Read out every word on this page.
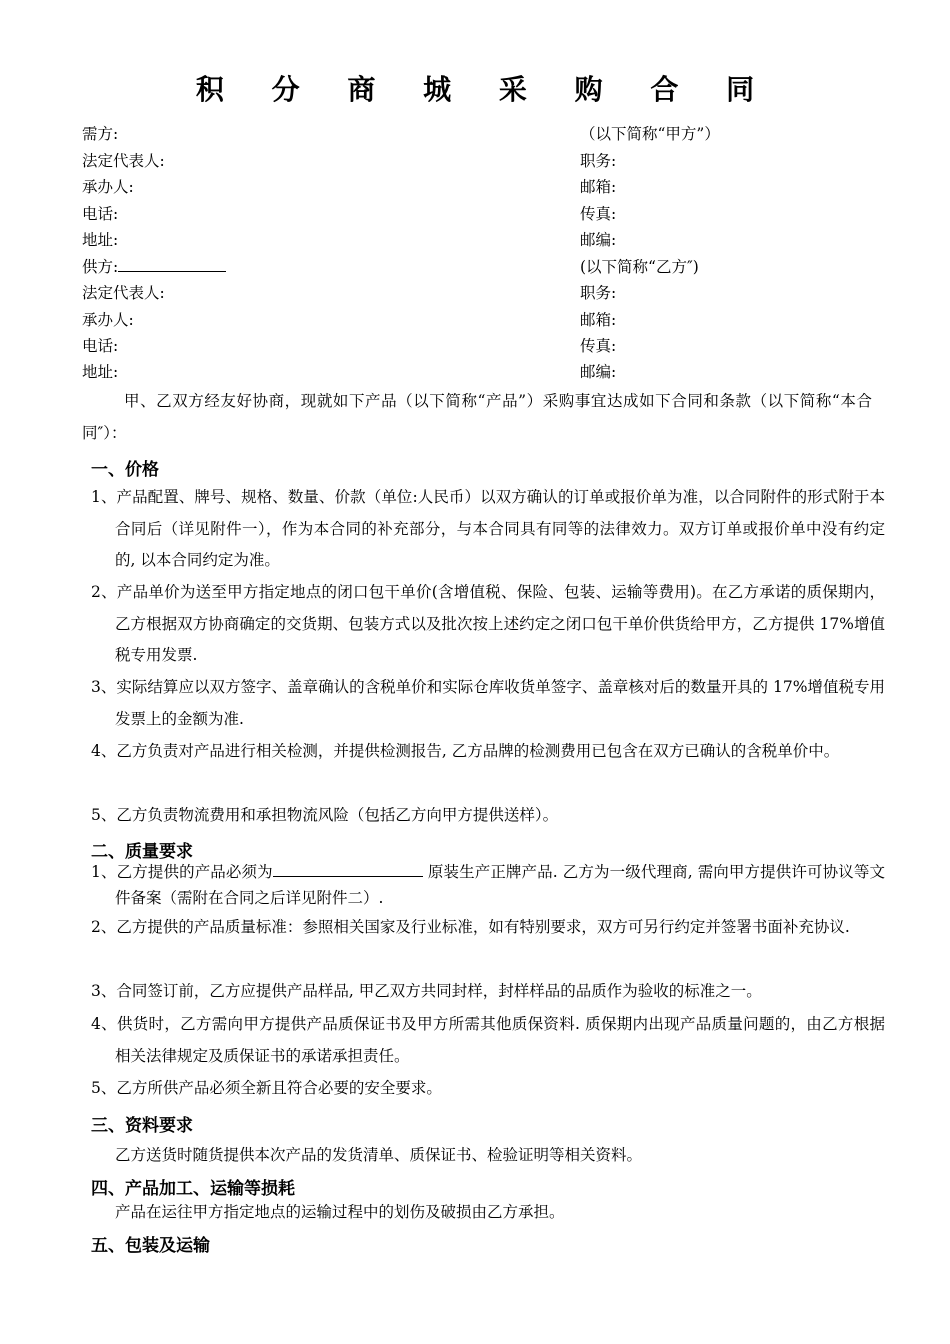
积 分 商 城 采 购 合 同
需方:	（以下简称“甲方”）
法定代表人:	职务:
承办人:	邮箱:
电话:	传真:
地址:	邮编:
供方:	(以下简称“乙方″)
法定代表人:	职务:
承办人:	邮箱:
电话:	传真:
地址:	邮编:

甲、乙双方经友好协商，现就如下产品（以下简称“产品”）采购事宜达成如下合同和条款（以下简称“本合同″）：

一、价格

1、产品配置、牌号、规格、数量、价款（单位:人民币）以双方确认的订单或报价单为准，以合同附件的形式附于本合同后（详见附件一），作为本合同的补充部分，与本合同具有同等的法律效力。双方订单或报价单中没有约定的, 以本合同约定为准。

2、产品单价为送至甲方指定地点的闭口包干单价(含增值税、保险、包装、运输等费用)。在乙方承诺的质保期内，乙方根据双方协商确定的交货期、包装方式以及批次按上述约定之闭口包干单价供货给甲方，乙方提供 17%增值税专用发票.

3、实际结算应以双方签字、盖章确认的含税单价和实际仓库收货单签字、盖章核对后的数量开具的 17%增值税专用发票上的金额为准.

4、乙方负责对产品进行相关检测，并提供检测报告, 乙方品牌的检测费用已包含在双方已确认的含税单价中。

5、乙方负责物流费用和承担物流风险（包括乙方向甲方提供送样）。

二、质量要求

1、乙方提供的产品必须为	原装生产正牌产品. 乙方为一级代理商, 需向甲方提供许可协议等文件备案（需附在合同之后详见附件二）.

2、乙方提供的产品质量标准：参照相关国家及行业标准，如有特别要求，双方可另行约定并签署书面补充协议.

3、合同签订前，乙方应提供产品样品, 甲乙双方共同封样，封样样品的品质作为验收的标准之一。

4、供货时，乙方需向甲方提供产品质保证书及甲方所需其他质保资料. 质保期内出现产品质量问题的，由乙方根据相关法律规定及质保证书的承诺承担责任。

5、乙方所供产品必须全新且符合必要的安全要求。

三、资料要求

乙方送货时随货提供本次产品的发货清单、质保证书、检验证明等相关资料。

四、产品加工、运输等损耗

产品在运往甲方指定地点的运输过程中的划伤及破损由乙方承担。

五、包装及运输
